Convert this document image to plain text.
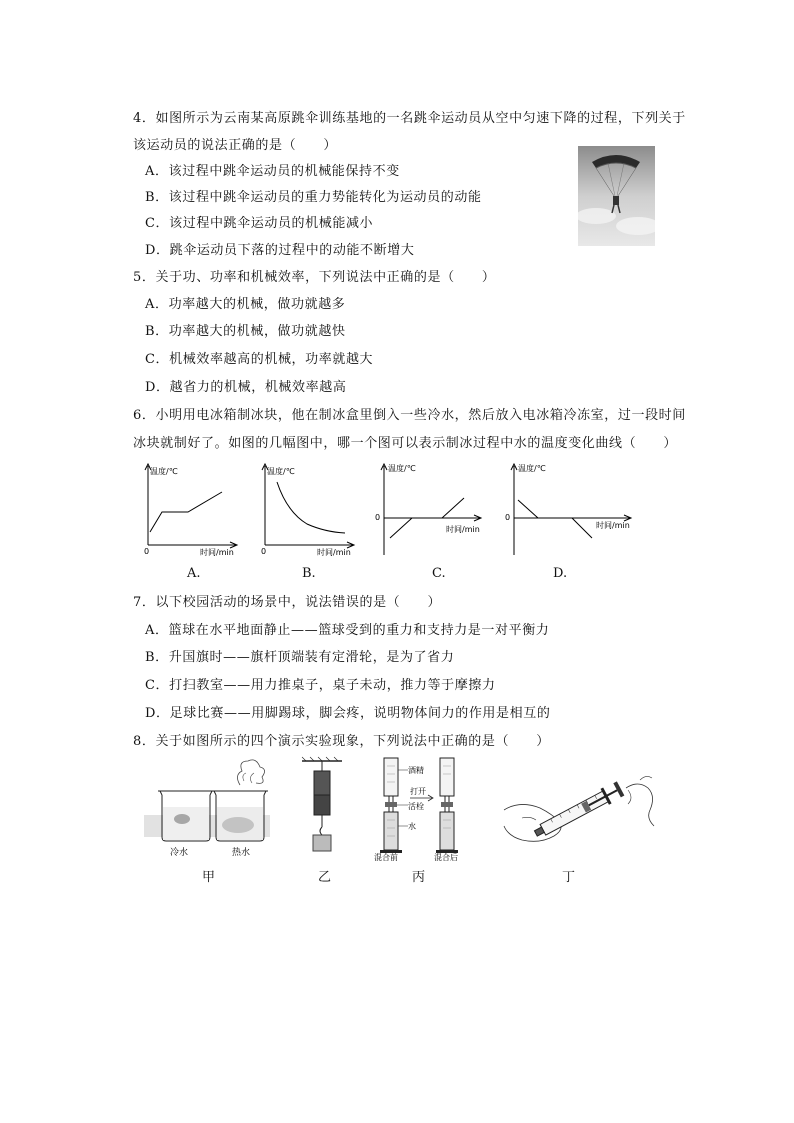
4．如图所示为云南某高原跳伞训练基地的一名跳伞运动员从空中匀速下降的过程，下列关于
该运动员的说法正确的是（　　）
A．该过程中跳伞运动员的机械能保持不变
B．该过程中跳伞运动员的重力势能转化为运动员的动能
C．该过程中跳伞运动员的机械能减小
D．跳伞运动员下落的过程中的动能不断增大
5．关于功、功率和机械效率，下列说法中正确的是（　　）
A．功率越大的机械，做功就越多
B．功率越大的机械，做功就越快
C．机械效率越高的机械，功率就越大
D．越省力的机械，机械效率越高
6．小明用电冰箱制冰块，他在制冰盒里倒入一些冷水，然后放入电冰箱冷冻室，过一段时间
冰块就制好了。如图的几幅图中，哪一个图可以表示制冰过程中水的温度变化曲线（　　）
温度/℃
0	时间/min
A.
温度/℃
0	时间/min
B.
温度/℃
0
时间/min
C.
温度/℃
0
时间/min
D.
7．以下校园活动的场景中，说法错误的是（　　）
A．篮球在水平地面静止——篮球受到的重力和支持力是一对平衡力
B．升国旗时——旗杆顶端装有定滑轮，是为了省力
C．打扫教室——用力推桌子，桌子未动，推力等于摩擦力
D．足球比赛——用脚踢球，脚会疼，说明物体间力的作用是相互的
8．关于如图所示的四个演示实验现象，下列说法中正确的是（　　）
冷水	热水
甲	乙
酒精
打开
活栓
水
混合前	混合后
丙	丁
